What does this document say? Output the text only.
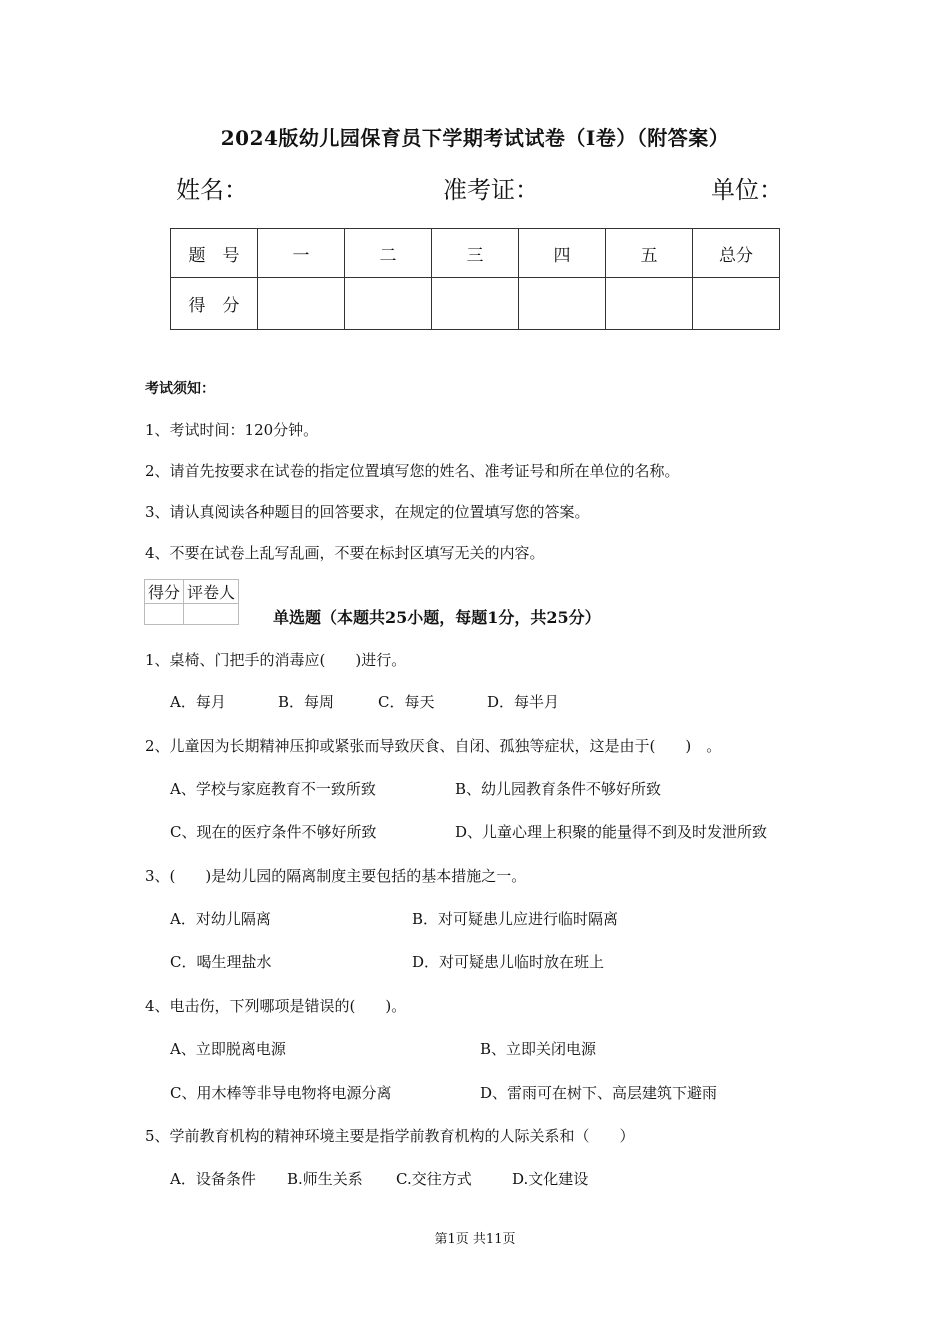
2024版幼儿园保育员下学期考试试卷（I卷）（附答案）
姓名：	准考证：	单位：
题　号	一	二	三	四	五	总分
得　分						
考试须知：
1、考试时间：120分钟。
2、请首先按要求在试卷的指定位置填写您的姓名、准考证号和所在单位的名称。
3、请认真阅读各种题目的回答要求，在规定的位置填写您的答案。
4、不要在试卷上乱写乱画，不要在标封区填写无关的内容。
得分	评卷人

单选题（本题共25小题，每题1分，共25分）
1、桌椅、门把手的消毒应(　　)进行。
A．每月	B．每周	C．每天	D．每半月
2、儿童因为长期精神压抑或紧张而导致厌食、自闭、孤独等症状，这是由于(　　)　。
A、学校与家庭教育不一致所致	B、幼儿园教育条件不够好所致
C、现在的医疗条件不够好所致	D、儿童心理上积聚的能量得不到及时发泄所致
3、(　　)是幼儿园的隔离制度主要包括的基本措施之一。
A．对幼儿隔离	B．对可疑患儿应进行临时隔离
C．喝生理盐水	D．对可疑患儿临时放在班上
4、电击伤，下列哪项是错误的(　　)。
A、立即脱离电源	B、立即关闭电源
C、用木棒等非导电物将电源分离	D、雷雨可在树下、高层建筑下避雨
5、学前教育机构的精神环境主要是指学前教育机构的人际关系和（　　）
A．设备条件 B.师生关系 C.交往方式	D.文化建设
第1页 共11页
